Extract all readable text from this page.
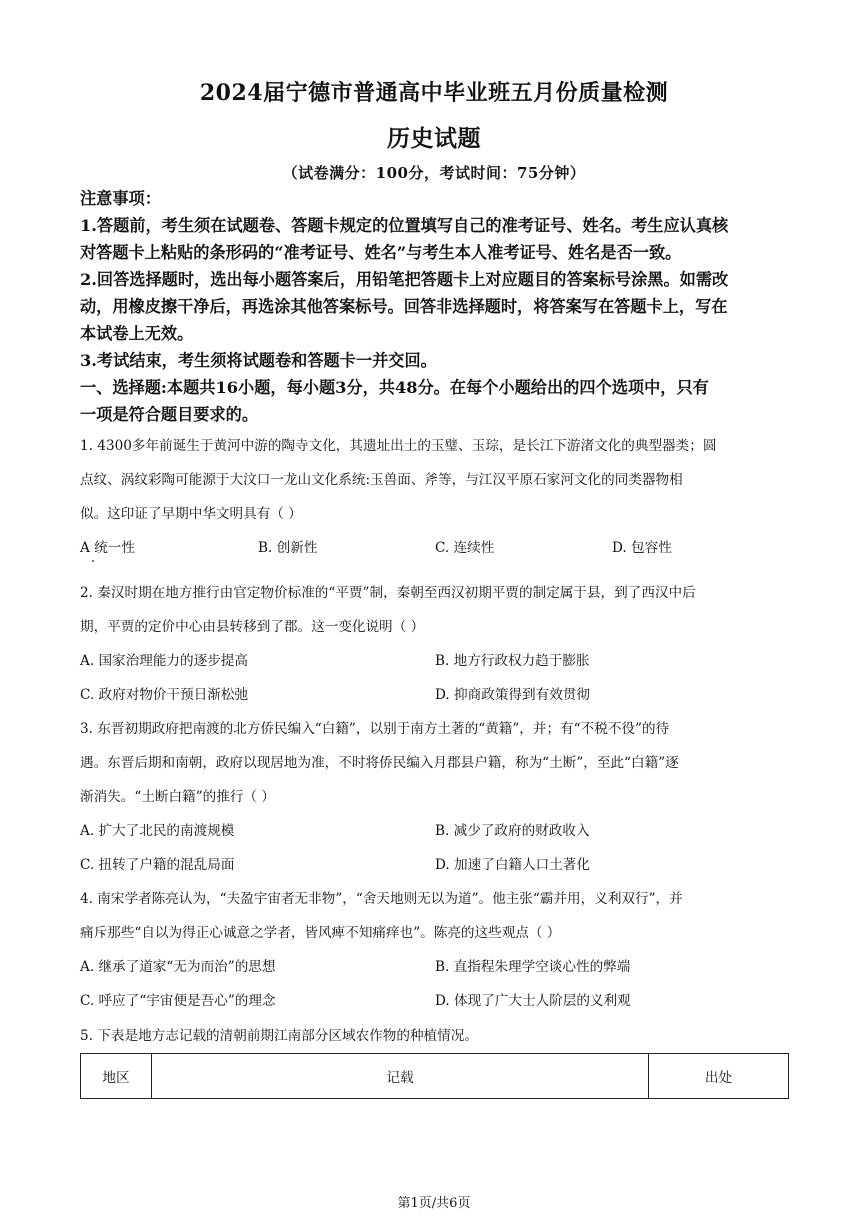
2024届宁德市普通高中毕业班五月份质量检测
历史试题
（试卷满分：100分，考试时间：75分钟）
注意事项：
1.答题前，考生须在试题卷、答题卡规定的位置填写自己的准考证号、姓名。考生应认真核
对答题卡上粘贴的条形码的“准考证号、姓名”与考生本人准考证号、姓名是否一致。
2.回答选择题时，选出每小题答案后，用铅笔把答题卡上对应题目的答案标号涂黑。如需改
动，用橡皮擦干净后，再选涂其他答案标号。回答非选择题时，将答案写在答题卡上，写在
本试卷上无效。
3.考试结束，考生须将试题卷和答题卡一并交回。
一、选择题:本题共16小题，每小题3分，共48分。在每个小题给出的四个选项中，只有
一项是符合题目要求的。
1. 4300多年前诞生于黄河中游的陶寺文化，其遗址出土的玉璧、玉琮，是长江下游渚文化的典型器类；圆
点纹、涡纹彩陶可能源于大汶口一龙山文化系统:玉兽面、斧等，与江汉平原石家河文化的同类器物相
似。这印证了早期中华文明具有（ ）
A 统一性	B. 创新性	C. 连续性	D. 包容性
2. 秦汉时期在地方推行由官定物价标准的“平贾”制，秦朝至西汉初期平贾的制定属于县，到了西汉中后
期，平贾的定价中心由县转移到了郡。这一变化说明（ ）
A. 国家治理能力的逐步提高	B. 地方行政权力趋于膨胀
C. 政府对物价干预日渐松弛	D. 抑商政策得到有效贯彻
3. 东晋初期政府把南渡的北方侨民编入“白籍”，以别于南方土著的“黄籍”，并；有“不税不役”的待
遇。东晋后期和南朝，政府以现居地为准，不时将侨民编入月郡县户籍，称为“土断”，至此“白籍”逐
渐消失。“土断白籍”的推行（ ）
A. 扩大了北民的南渡规模	B. 减少了政府的财政收入
C. 扭转了户籍的混乱局面	D. 加速了白籍人口土著化
4. 南宋学者陈亮认为，“夫盈宇宙者无非物”，“舍天地则无以为道”。他主张“霸并用，义利双行”，并
痛斥那些“自以为得正心诚意之学者，皆风痺不知痛痒也”。陈亮的这些观点（ ）
A. 继承了道家“无为而治”的思想	B. 直指程朱理学空谈心性的弊端
C. 呼应了“宇宙便是吾心”的理念	D. 体现了广大士人阶层的义利观
5. 下表是地方志记载的清朝前期江南部分区域农作物的种植情况。
地区	记载	出处
第1页/共6页
